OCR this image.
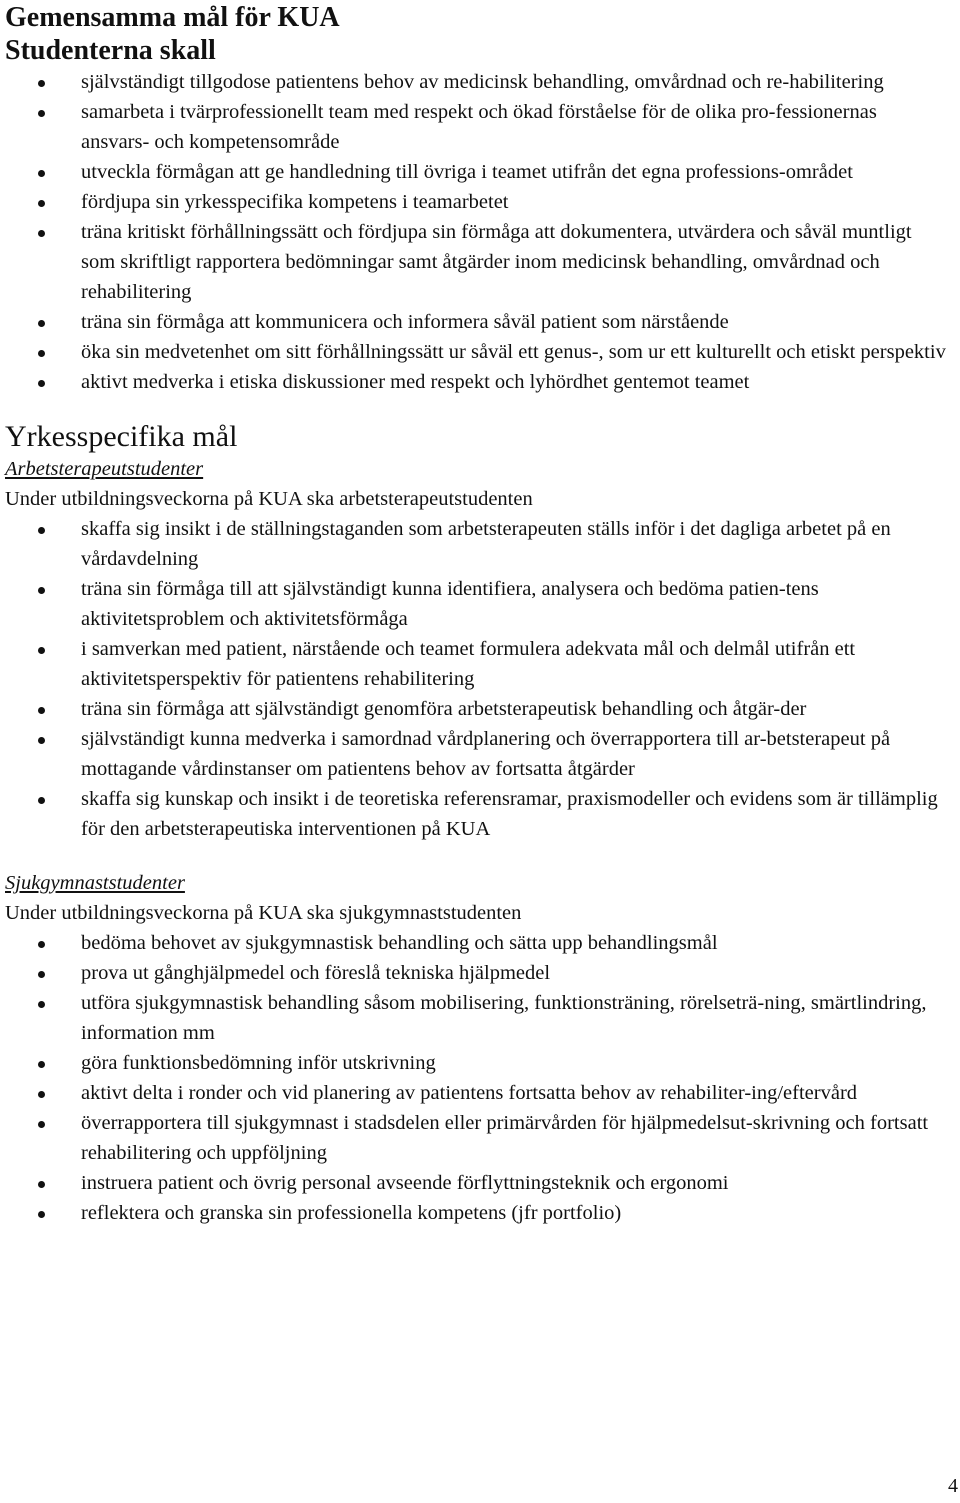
Gemensamma mål för KUA
Studenterna skall
självständigt tillgodose patientens behov av medicinsk behandling, omvårdnad och re-habilitering
samarbeta i tvärprofessionellt team med respekt och ökad förståelse för de olika pro-fessionernas ansvars- och kompetensområde
utveckla förmågan att ge handledning till övriga i teamet utifrån det egna professions-området
fördjupa sin yrkesspecifika kompetens i teamarbetet
träna kritiskt förhållningssätt och fördjupa sin förmåga att dokumentera, utvärdera och såväl muntligt som skriftligt rapportera bedömningar samt åtgärder inom medicinsk behandling, omvårdnad och rehabilitering
träna sin förmåga att kommunicera och informera såväl patient som närstående
öka sin medvetenhet om sitt förhållningssätt ur såväl ett genus-, som ur ett kulturellt och etiskt perspektiv
aktivt medverka i etiska diskussioner med respekt och lyhördhet gentemot teamet
Yrkesspecifika mål
Arbetsterapeutstudenter
Under utbildningsveckorna på KUA ska arbetsterapeutstudenten
skaffa sig insikt i de ställningstaganden som arbetsterapeuten ställs inför i det dagliga arbetet på en vårdavdelning
träna sin förmåga till att självständigt kunna identifiera, analysera och bedöma patien-tens aktivitetsproblem och aktivitetsförmåga
i samverkan med patient, närstående och teamet formulera adekvata mål och delmål utifrån ett aktivitetsperspektiv för patientens rehabilitering
träna sin förmåga att självständigt genomföra arbetsterapeutisk behandling och åtgär-der
självständigt kunna medverka i samordnad vårdplanering och överrapportera till ar-betsterapeut på mottagande vårdinstanser om patientens behov av fortsatta åtgärder
skaffa sig kunskap och insikt i de teoretiska referensramar, praxismodeller och evidens som är tillämplig för den arbetsterapeutiska interventionen på KUA
Sjukgymnaststudenter
Under utbildningsveckorna på KUA ska sjukgymnaststudenten
bedöma behovet av sjukgymnastisk behandling och sätta upp behandlingsmål
prova ut gånghjälpmedel och föreslå tekniska hjälpmedel
utföra sjukgymnastisk behandling såsom mobilisering, funktionsträning, rörelseträ-ning, smärtlindring, information mm
göra funktionsbedömning inför utskrivning
aktivt delta i ronder och vid planering av patientens fortsatta behov av rehabiliter-ing/eftervård
överrapportera till sjukgymnast i stadsdelen eller primärvården för hjälpmedelsut-skrivning och fortsatt rehabilitering och uppföljning
instruera patient och övrig personal avseende förflyttningsteknik och ergonomi
reflektera och granska sin professionella kompetens (jfr portfolio)
4
